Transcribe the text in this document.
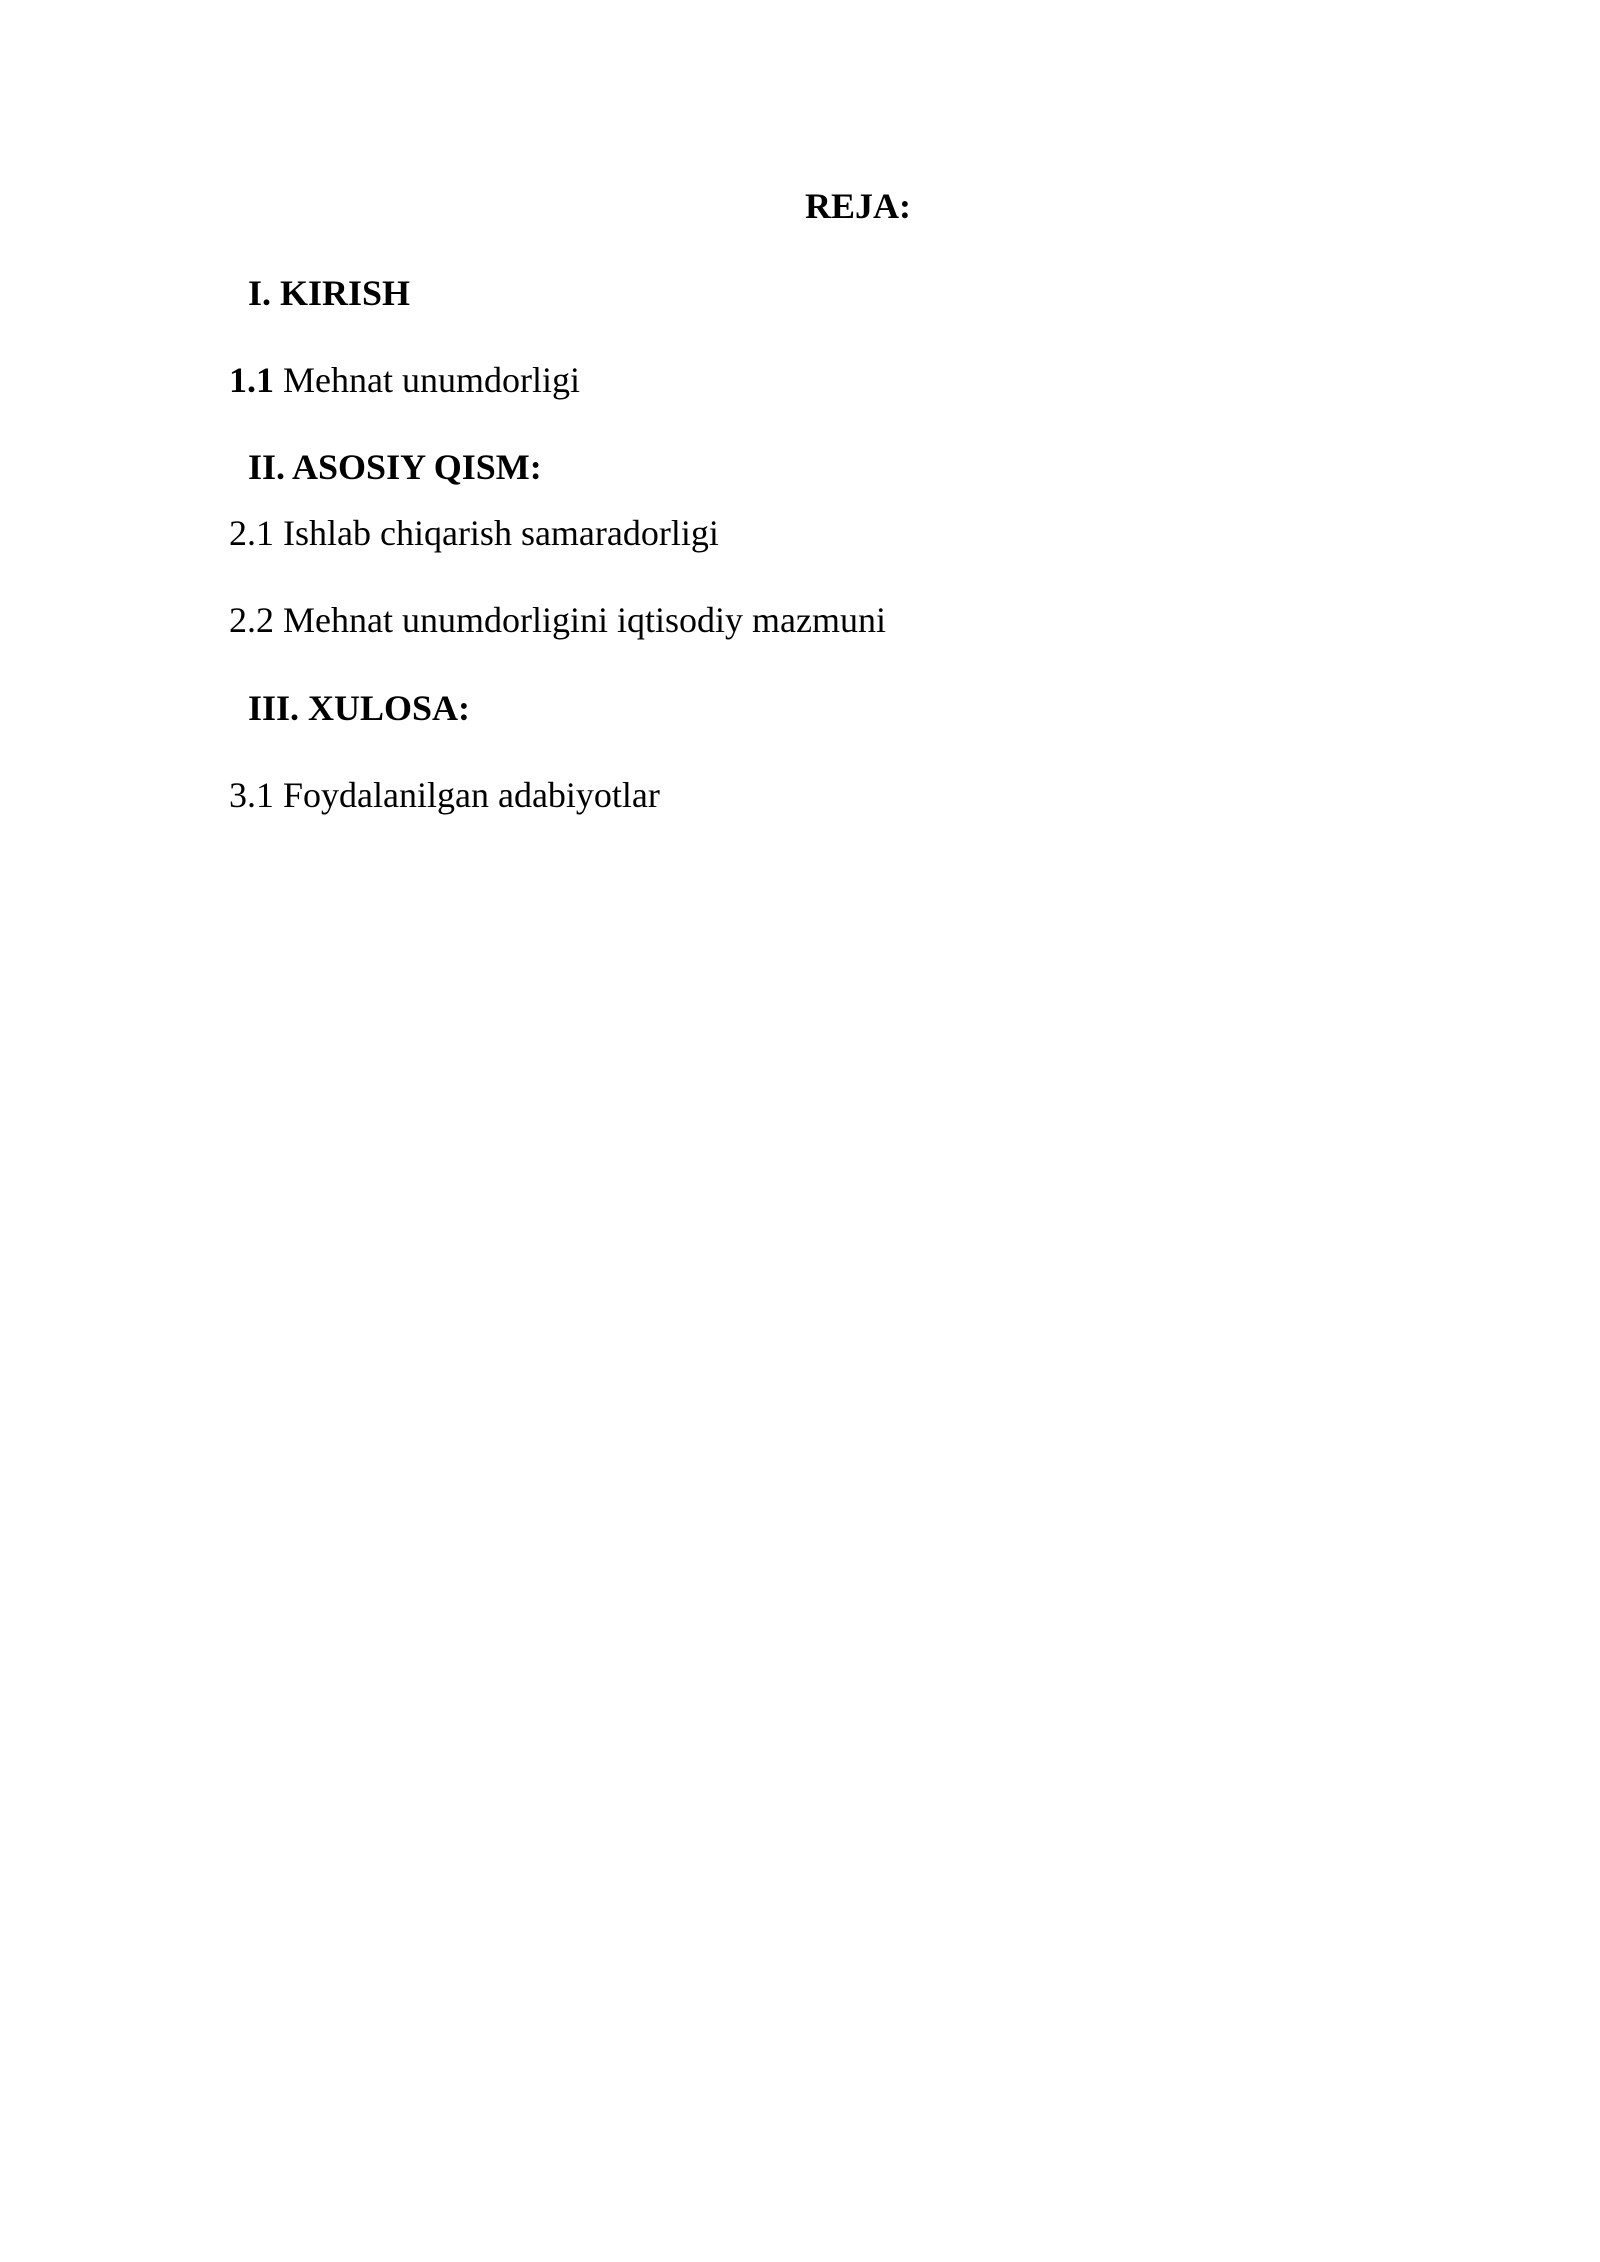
REJA:
I. KIRISH
1.1 Mehnat unumdorligi
II. ASOSIY QISM:
2.1 Ishlab chiqarish samaradorligi
2.2 Mehnat unumdorligini iqtisodiy mazmuni
III. XULOSA:
3.1 Foydalanilgan adabiyotlar
